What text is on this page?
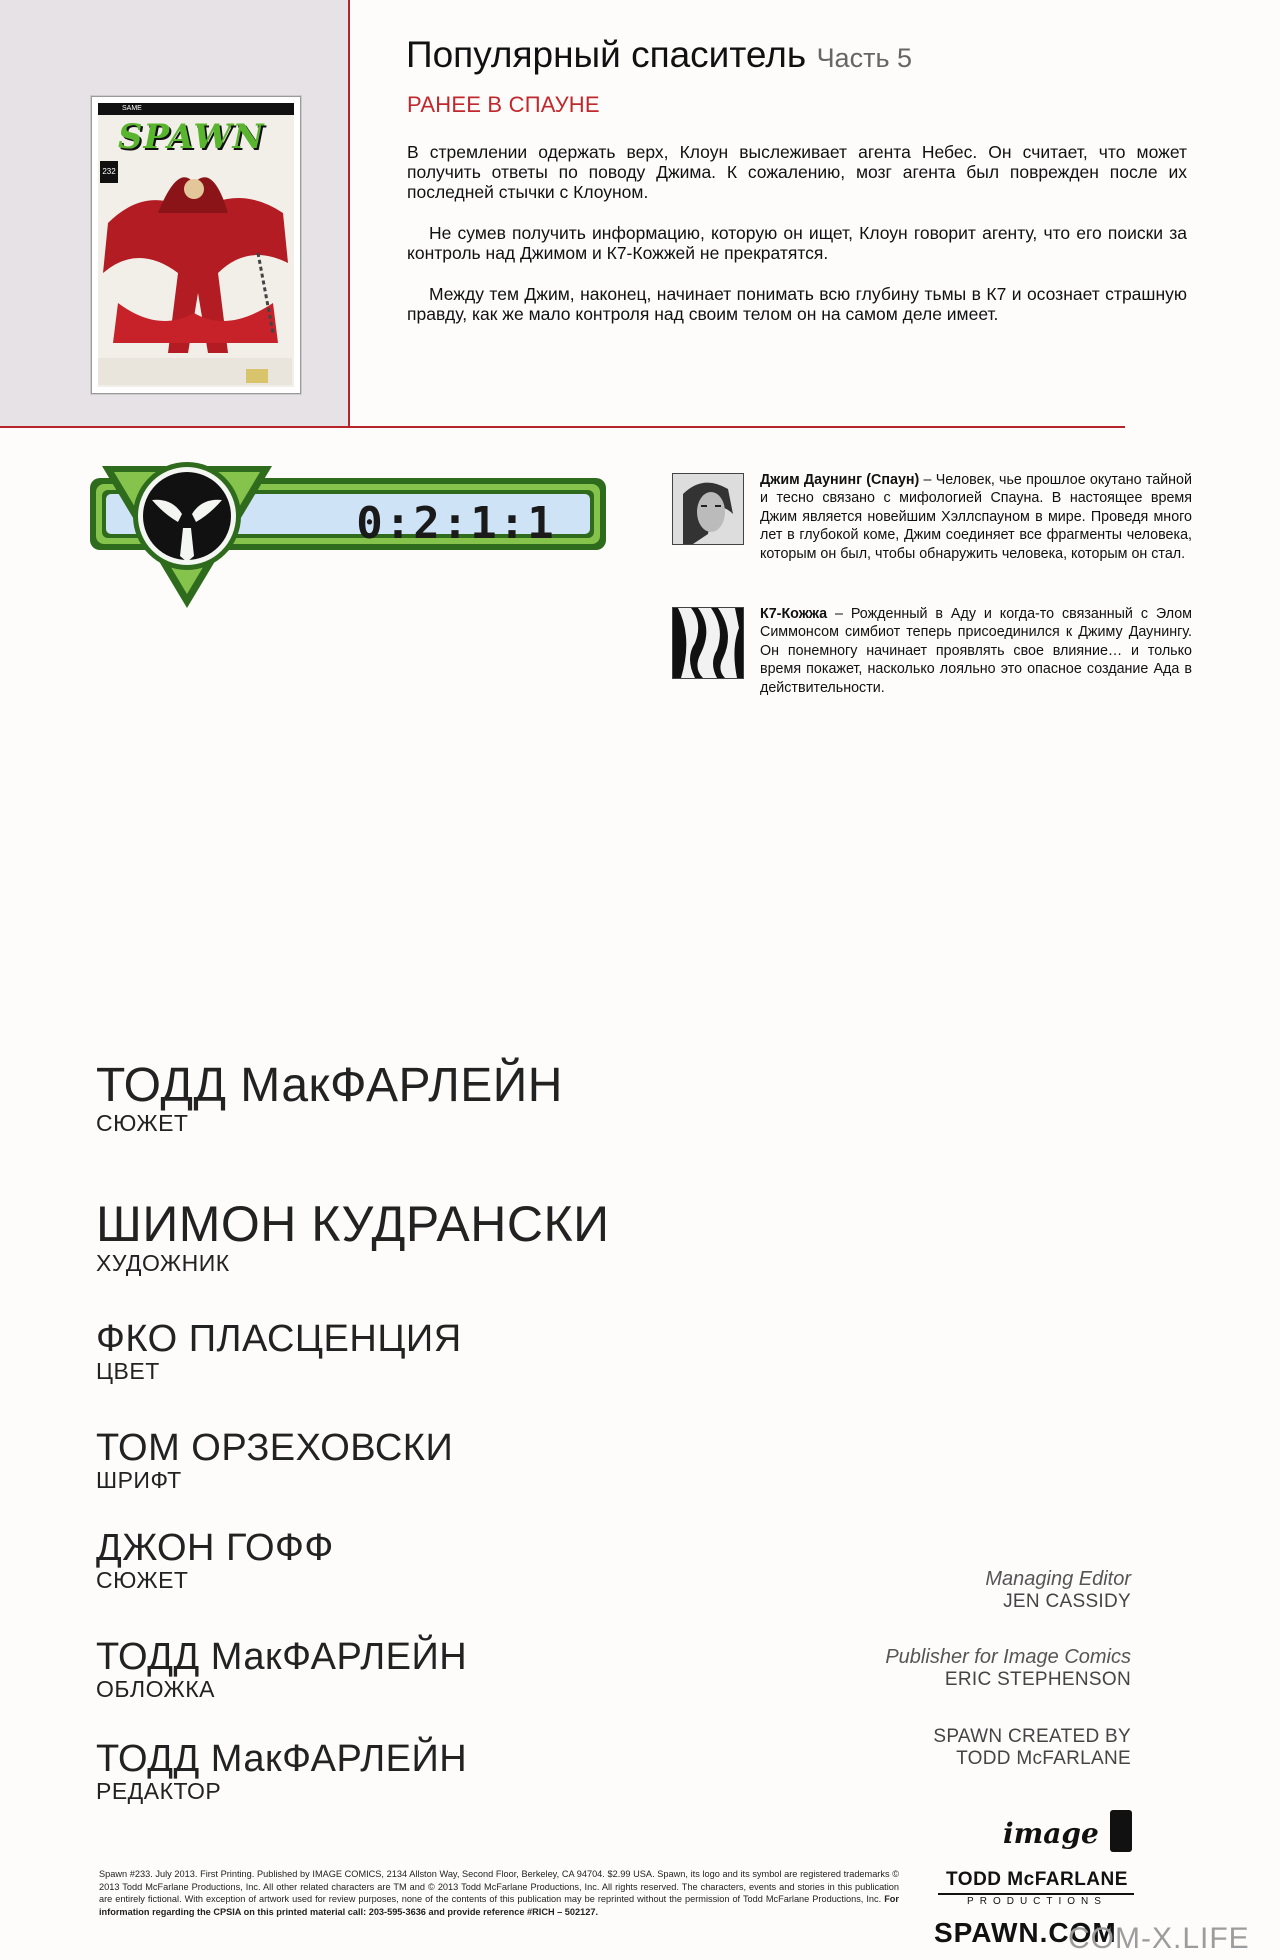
SAME
SPAWN
232
Популярный спаситель Часть 5
РАНЕЕ В СПАУНЕ

В стремлении одержать верх, Клоун выслеживает агента Небес. Он считает, что может получить ответы по поводу Джима. К сожалению, мозг агента был поврежден после их последней стычки с Клоуном.

Не сумев получить информацию, которую он ищет, Клоун говорит агенту, что его поиски за контроль над Джимом и К7-Кожжей не прекратятся.

Между тем Джим, наконец, начинает понимать всю глубину тьмы в К7 и осознает страшную правду, как же мало контроля над своим телом он на самом деле имеет.

0:2:1:1
Джим Даунинг (Спаун) – Человек, чье прошлое окутано тайной и тесно связано с мифологией Спауна. В настоящее время Джим является новейшим Хэллспауном в мире. Проведя много лет в глубокой коме, Джим соединяет все фрагменты человека, которым он был, чтобы обнаружить человека, которым он стал.
К7-Кожжа – Рожденный в Аду и когда-то связанный с Элом Симмонсом симбиот теперь присоединился к Джиму Даунингу. Он понемногу начинает проявлять свое влияние… и только время покажет, насколько лояльно это опасное создание Ада в действительности.
ТОДД МакФАРЛЕЙН
СЮЖЕТ
ШИМОН КУДРАНСКИ
ХУДОЖНИК
ФКО ПЛАСЦЕНЦИЯ
ЦВЕТ
ТОМ ОРЗЕХОВСКИ
ШРИФТ
ДЖОН ГОФФ
СЮЖЕТ
ТОДД МакФАРЛЕЙН
ОБЛОЖКА
ТОДД МакФАРЛЕЙН
РЕДАКТОР
Managing Editor
JEN CASSIDY
Publisher for Image Comics
ERIC STEPHENSON
SPAWN CREATED BY
TODD McFARLANE
Spawn #233. July 2013. First Printing. Published by IMAGE COMICS, 2134 Allston Way, Second Floor, Berkeley, CA 94704. $2.99 USA. Spawn, its logo and its symbol are registered trademarks © 2013 Todd McFarlane Productions, Inc. All other related characters are TM and © 2013 Todd McFarlane Productions, Inc. All rights reserved. The characters, events and stories in this publication are entirely fictional. With exception of artwork used for review purposes, none of the contents of this publication may be reprinted without the permission of Todd McFarlane Productions, Inc. For information regarding the CPSIA on this printed material call: 203-595-3636 and provide reference #RICH – 502127.
image
TODD McFARLANE
PRODUCTIONS
SPAWN.COM
COM-X.LIFE
